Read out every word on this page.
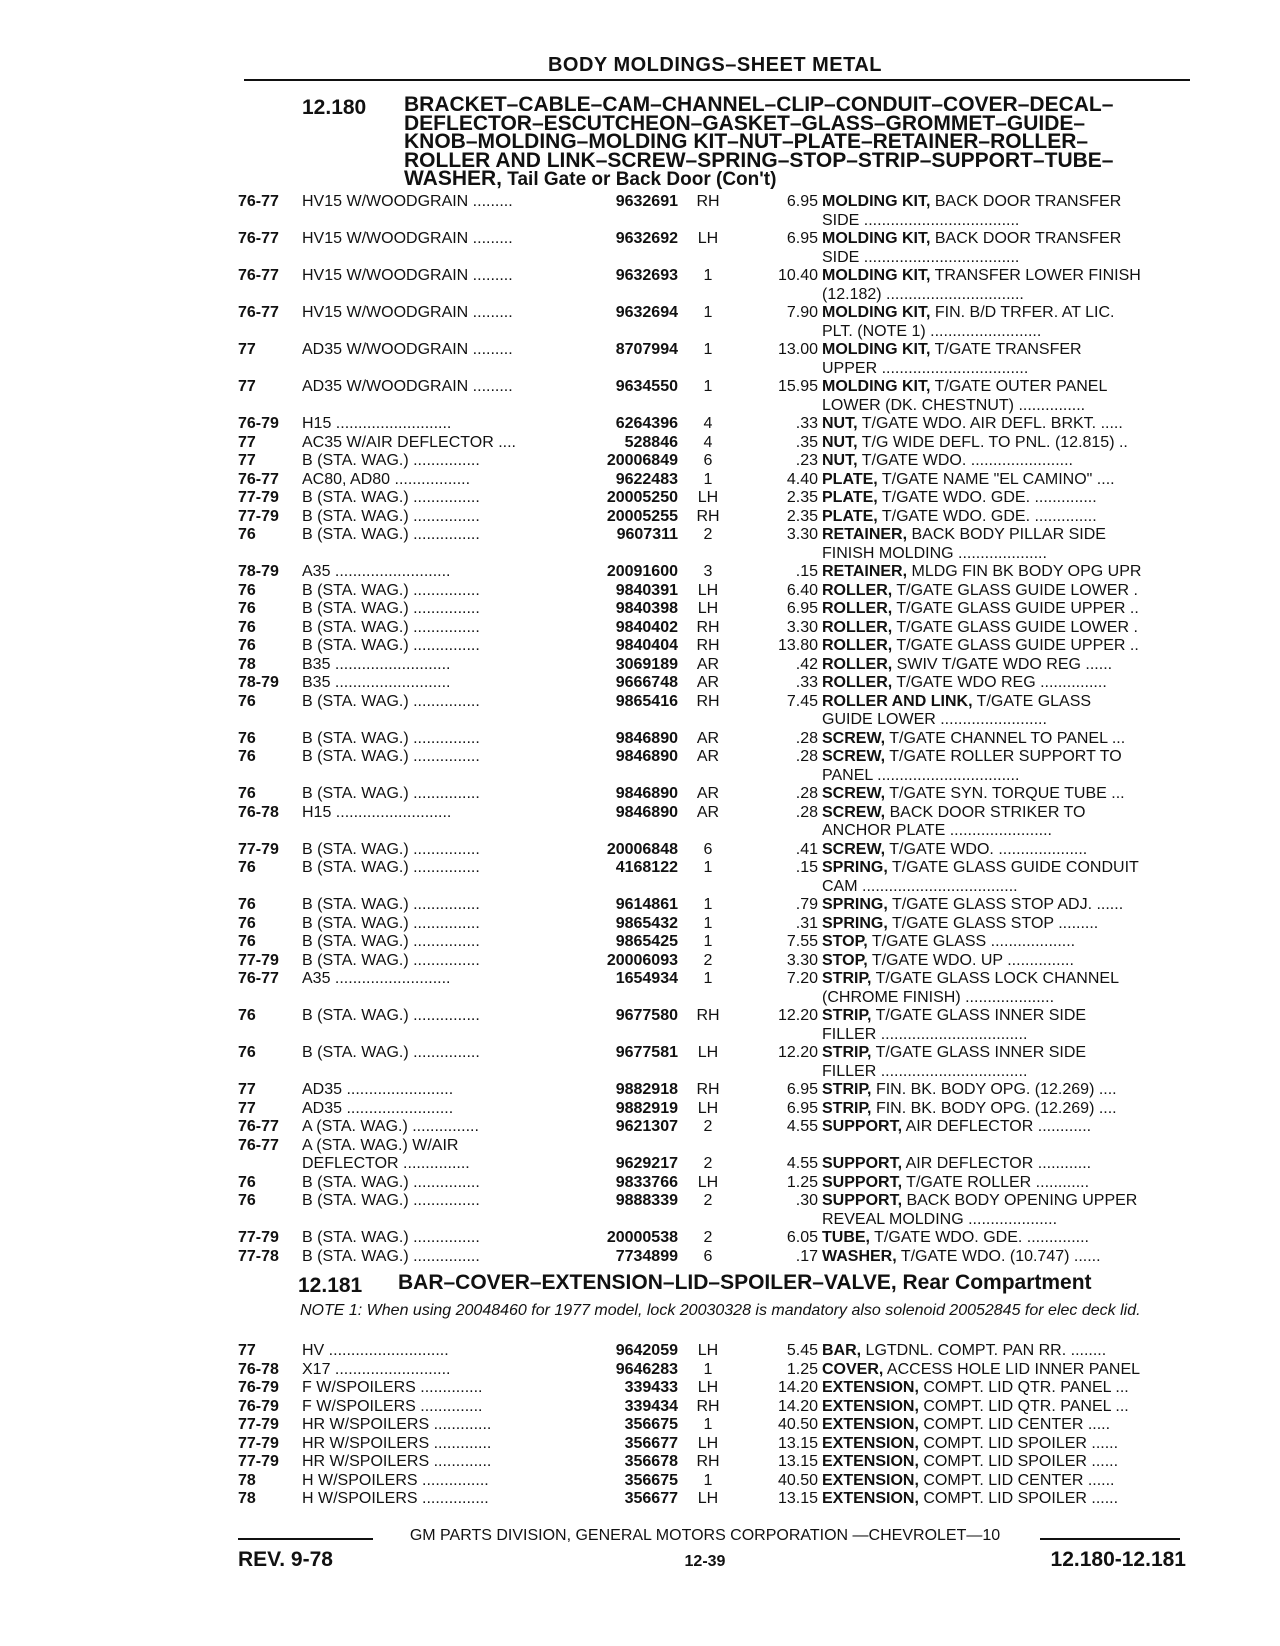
BODY MOLDINGS–SHEET METAL
12.180 BRACKET–CABLE–CAM–CHANNEL–CLIP–CONDUIT–COVER–DECAL–
DEFLECTOR–ESCUTCHEON–GASKET–GLASS–GROMMET–GUIDE–
KNOB–MOLDING–MOLDING KIT–NUT–PLATE–RETAINER–ROLLER–
ROLLER AND LINK–SCREW–SPRING–STOP–STRIP–SUPPORT–TUBE–
WASHER, Tail Gate or Back Door (Con't)
76-77	HV15 W/WOODGRAIN .........	9632691	RH	6.95 MOLDING KIT, BACK DOOR TRANSFER
SIDE ...................................
76-77	HV15 W/WOODGRAIN .........	9632692	LH	6.95 MOLDING KIT, BACK DOOR TRANSFER
SIDE ...................................
76-77	HV15 W/WOODGRAIN .........	9632693	1	10.40 MOLDING KIT, TRANSFER LOWER FINISH
(12.182) ...............................
76-77	HV15 W/WOODGRAIN .........	9632694	1	7.90 MOLDING KIT, FIN. B/D TRFER. AT LIC.
PLT. (NOTE 1) .........................
77	AD35 W/WOODGRAIN .........	8707994	1	13.00 MOLDING KIT, T/GATE TRANSFER
UPPER .................................
77	AD35 W/WOODGRAIN .........	9634550	1	15.95 MOLDING KIT, T/GATE OUTER PANEL
LOWER (DK. CHESTNUT) ...............
76-79	H15 ..........................	6264396	4	.33 NUT, T/GATE WDO. AIR DEFL. BRKT. .....
77	AC35 W/AIR DEFLECTOR ....	528846	4	.35 NUT, T/G WIDE DEFL. TO PNL. (12.815) ..
77	B (STA. WAG.) ...............	20006849	6	.23 NUT, T/GATE WDO. .......................
76-77	AC80, AD80 .................	9622483	1	4.40 PLATE, T/GATE NAME "EL CAMINO" ....
77-79	B (STA. WAG.) ...............	20005250	LH	2.35 PLATE, T/GATE WDO. GDE. ..............
77-79	B (STA. WAG.) ...............	20005255	RH	2.35 PLATE, T/GATE WDO. GDE. ..............
76	B (STA. WAG.) ...............	9607311	2	3.30 RETAINER, BACK BODY PILLAR SIDE
FINISH MOLDING ....................
78-79	A35 ..........................	20091600	3	.15 RETAINER, MLDG FIN BK BODY OPG UPR
76	B (STA. WAG.) ...............	9840391	LH	6.40 ROLLER, T/GATE GLASS GUIDE LOWER .
76	B (STA. WAG.) ...............	9840398	LH	6.95 ROLLER, T/GATE GLASS GUIDE UPPER ..
76	B (STA. WAG.) ...............	9840402	RH	3.30 ROLLER, T/GATE GLASS GUIDE LOWER .
76	B (STA. WAG.) ...............	9840404	RH	13.80 ROLLER, T/GATE GLASS GUIDE UPPER ..
78	B35 ..........................	3069189	AR	.42 ROLLER, SWIV T/GATE WDO REG ......
78-79	B35 ..........................	9666748	AR	.33 ROLLER, T/GATE WDO REG ...............
76	B (STA. WAG.) ...............	9865416	RH	7.45 ROLLER AND LINK, T/GATE GLASS
GUIDE LOWER ........................
76	B (STA. WAG.) ...............	9846890	AR	.28 SCREW, T/GATE CHANNEL TO PANEL ...
76	B (STA. WAG.) ...............	9846890	AR	.28 SCREW, T/GATE ROLLER SUPPORT TO
PANEL ................................
76	B (STA. WAG.) ...............	9846890	AR	.28 SCREW, T/GATE SYN. TORQUE TUBE ...
76-78	H15 ..........................	9846890	AR	.28 SCREW, BACK DOOR STRIKER TO
ANCHOR PLATE .......................
77-79	B (STA. WAG.) ...............	20006848	6	.41 SCREW, T/GATE WDO. ....................
76	B (STA. WAG.) ...............	4168122	1	.15 SPRING, T/GATE GLASS GUIDE CONDUIT
CAM ...................................
76	B (STA. WAG.) ...............	9614861	1	.79 SPRING, T/GATE GLASS STOP ADJ. ......
76	B (STA. WAG.) ...............	9865432	1	.31 SPRING, T/GATE GLASS STOP .........
76	B (STA. WAG.) ...............	9865425	1	7.55 STOP, T/GATE GLASS ...................
77-79	B (STA. WAG.) ...............	20006093	2	3.30 STOP, T/GATE WDO. UP ...............
76-77	A35 ..........................	1654934	1	7.20 STRIP, T/GATE GLASS LOCK CHANNEL
(CHROME FINISH) ....................
76	B (STA. WAG.) ...............	9677580	RH	12.20 STRIP, T/GATE GLASS INNER SIDE
FILLER .................................
76	B (STA. WAG.) ...............	9677581	LH	12.20 STRIP, T/GATE GLASS INNER SIDE
FILLER .................................
77	AD35 ........................	9882918	RH	6.95 STRIP, FIN. BK. BODY OPG. (12.269) ....
77	AD35 ........................	9882919	LH	6.95 STRIP, FIN. BK. BODY OPG. (12.269) ....
76-77	A (STA. WAG.) ...............	9621307	2	4.55 SUPPORT, AIR DEFLECTOR ............
76-77	A (STA. WAG.) W/AIR
DEFLECTOR ...............	9629217	2	4.55 SUPPORT, AIR DEFLECTOR ............
76	B (STA. WAG.) ...............	9833766	LH	1.25 SUPPORT, T/GATE ROLLER ............
76	B (STA. WAG.) ...............	9888339	2	.30 SUPPORT, BACK BODY OPENING UPPER
REVEAL MOLDING ....................
77-79	B (STA. WAG.) ...............	20000538	2	6.05 TUBE, T/GATE WDO. GDE. ..............
77-78	B (STA. WAG.) ...............	7734899	6	.17 WASHER, T/GATE WDO. (10.747) ......
12.181 BAR–COVER–EXTENSION–LID–SPOILER–VALVE, Rear Compartment
NOTE 1: When using 20048460 for 1977 model, lock 20030328 is mandatory also solenoid 20052845 for elec deck lid.
77	HV ...........................	9642059	LH	5.45 BAR, LGTDNL. COMPT. PAN RR. ........
76-78	X17 ..........................	9646283	1	1.25 COVER, ACCESS HOLE LID INNER PANEL
76-79	F W/SPOILERS ..............	339433	LH	14.20 EXTENSION, COMPT. LID QTR. PANEL ...
76-79	F W/SPOILERS ..............	339434	RH	14.20 EXTENSION, COMPT. LID QTR. PANEL ...
77-79	HR W/SPOILERS .............	356675	1	40.50 EXTENSION, COMPT. LID CENTER .....
77-79	HR W/SPOILERS .............	356677	LH	13.15 EXTENSION, COMPT. LID SPOILER ......
77-79	HR W/SPOILERS .............	356678	RH	13.15 EXTENSION, COMPT. LID SPOILER ......
78	H W/SPOILERS ...............	356675	1	40.50 EXTENSION, COMPT. LID CENTER ......
78	H W/SPOILERS ...............	356677	LH	13.15 EXTENSION, COMPT. LID SPOILER ......
GM PARTS DIVISION, GENERAL MOTORS CORPORATION —CHEVROLET—10
REV. 9-78	12-39	12.180-12.181
